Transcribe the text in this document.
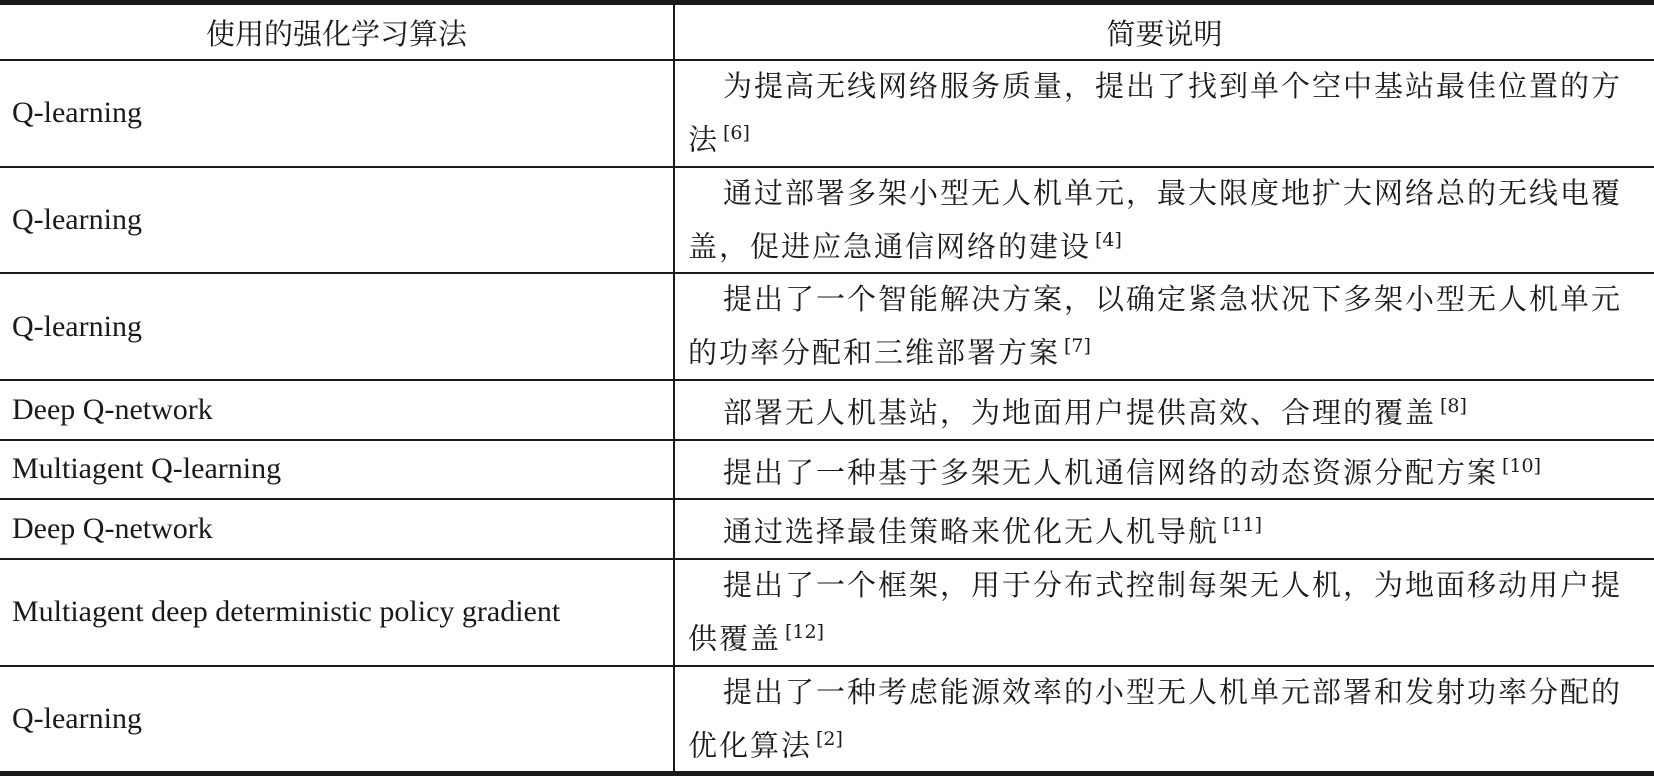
使用的强化学习算法	简要说明
Q-learning	为提高无线网络服务质量，提出了找到单个空中基站最佳位置的方法 [6]
Q-learning	通过部署多架小型无人机单元，最大限度地扩大网络总的无线电覆盖，促进应急通信网络的建设 [4]
Q-learning	提出了一个智能解决方案，以确定紧急状况下多架小型无人机单元的功率分配和三维部署方案 [7]
Deep Q-network	部署无人机基站，为地面用户提供高效、合理的覆盖 [8]
Multiagent Q-learning	提出了一种基于多架无人机通信网络的动态资源分配方案 [10]
Deep Q-network	通过选择最佳策略来优化无人机导航 [11]
Multiagent deep deterministic policy gradient	提出了一个框架，用于分布式控制每架无人机，为地面移动用户提供覆盖 [12]
Q-learning	提出了一种考虑能源效率的小型无人机单元部署和发射功率分配的优化算法 [2]
